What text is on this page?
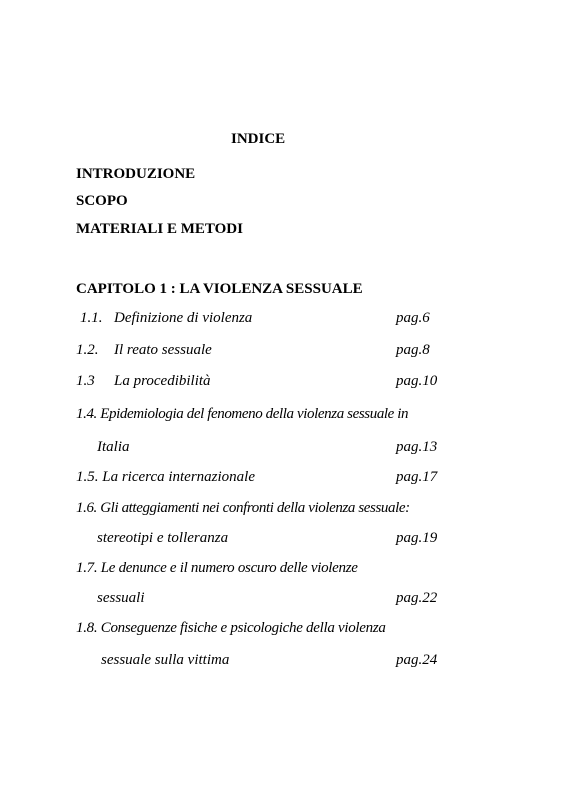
INDICE
INTRODUZIONE
SCOPO
MATERIALI E METODI
CAPITOLO 1 : LA VIOLENZA SESSUALE
1.1. Definizione di violenza	pag.6
1.2. Il reato sessuale	pag.8
1.3 La procedibilità	pag.10
1.4. Epidemiologia del fenomeno della violenza sessuale in
Italia	pag.13
1.5. La ricerca internazionale	pag.17
1.6. Gli atteggiamenti nei confronti della violenza sessuale:
stereotipi e tolleranza	pag.19
1.7. Le denunce e il numero oscuro delle violenze
sessuali	pag.22
1.8. Conseguenze fisiche e psicologiche della violenza
sessuale sulla vittima	pag.24
